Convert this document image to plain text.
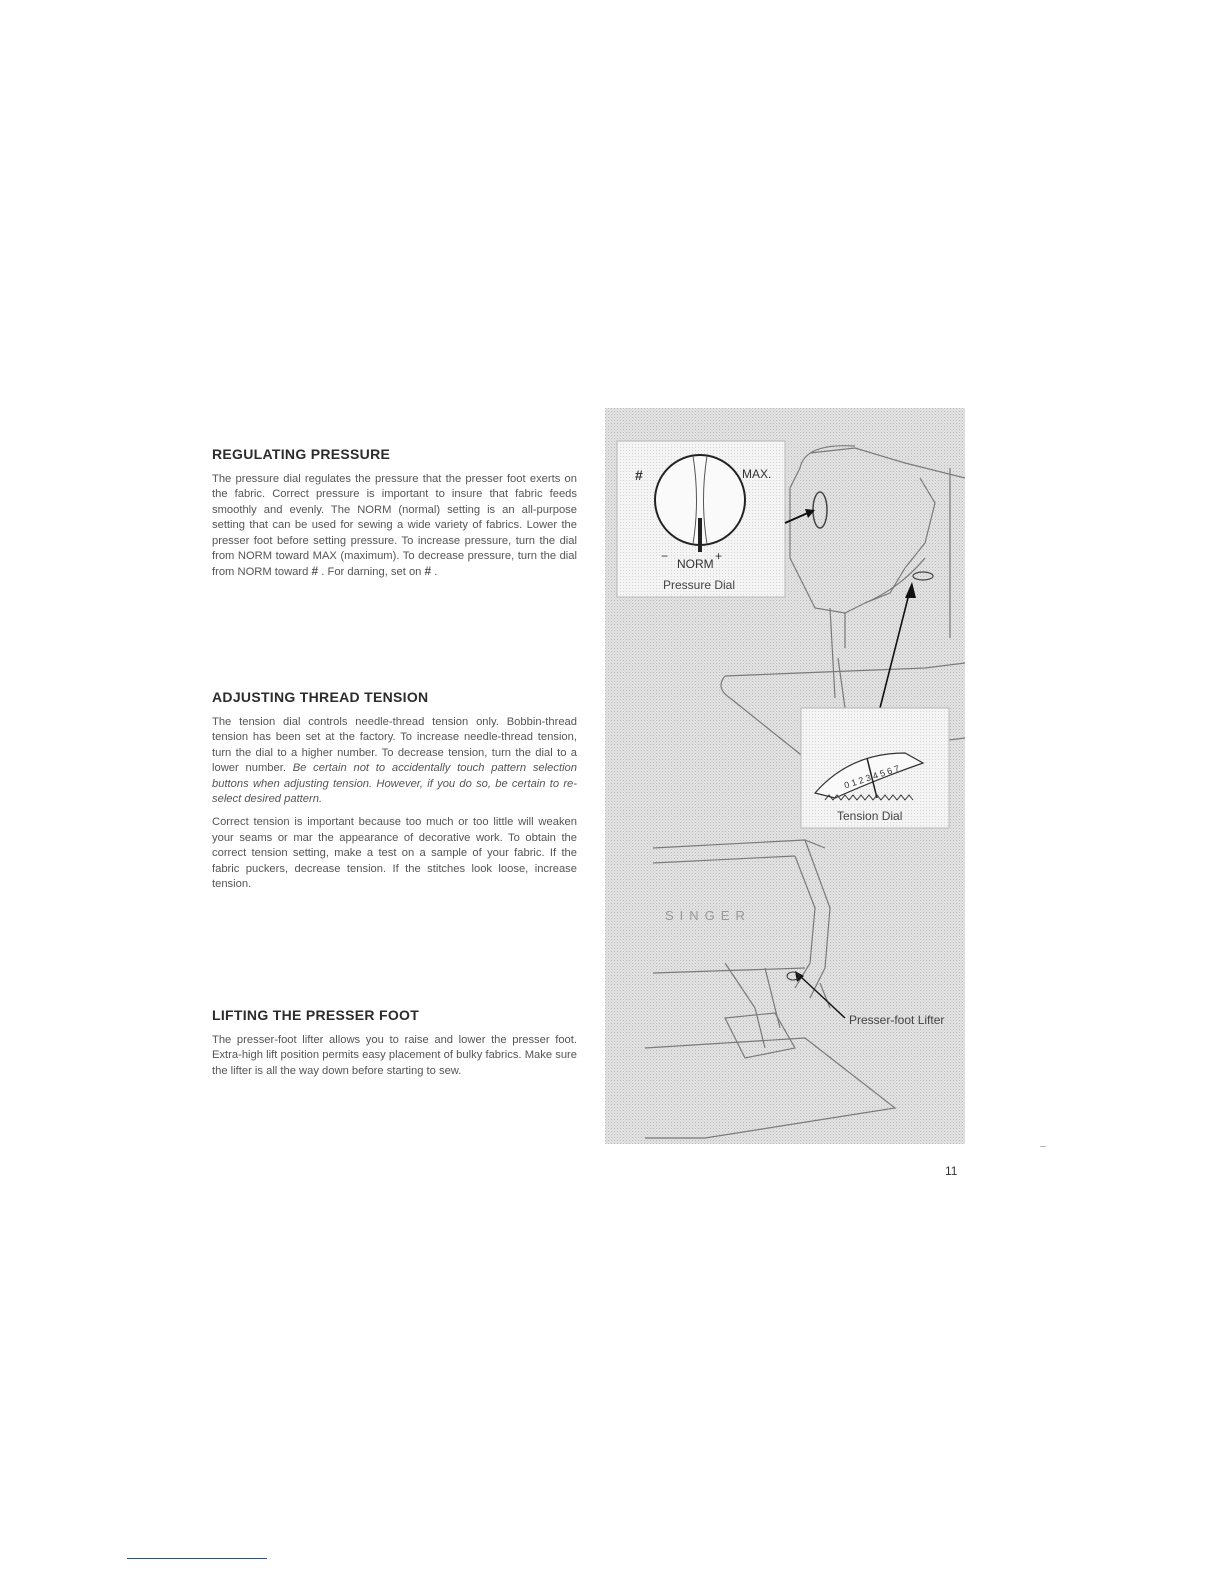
REGULATING PRESSURE

The pressure dial regulates the pressure that the presser foot exerts on the fabric. Correct pressure is important to insure that fabric feeds smoothly and evenly. The NORM (normal) setting is an all-purpose setting that can be used for sewing a wide variety of fabrics. Lower the presser foot before setting pressure. To increase pressure, turn the dial from NORM toward MAX (maximum). To decrease pressure, turn the dial from NORM toward # . For darning, set on # .

ADJUSTING THREAD TENSION

The tension dial controls needle-thread tension only. Bobbin-thread tension has been set at the factory. To increase needle-thread tension, turn the dial to a higher number. To decrease tension, turn the dial to a lower number. Be certain not to accidentally touch pattern selection buttons when adjusting tension. However, if you do so, be certain to re-select desired pattern.

Correct tension is important because too much or too little will weaken your seams or mar the appearance of decorative work. To obtain the correct tension setting, make a test on a sample of your fabric. If the fabric puckers, decrease tension. If the stitches look loose, increase tension.

LIFTING THE PRESSER FOOT

The presser-foot lifter allows you to raise and lower the presser foot. Extra-high lift position permits easy placement of bulky fabrics. Make sure the lifter is all the way down before starting to sew.

#	MAX.
−
NORM
+
Pressure Dial
0 1 2 3 4 5 6 7
Tension Dial
SINGER
Presser-foot Lifter
11
